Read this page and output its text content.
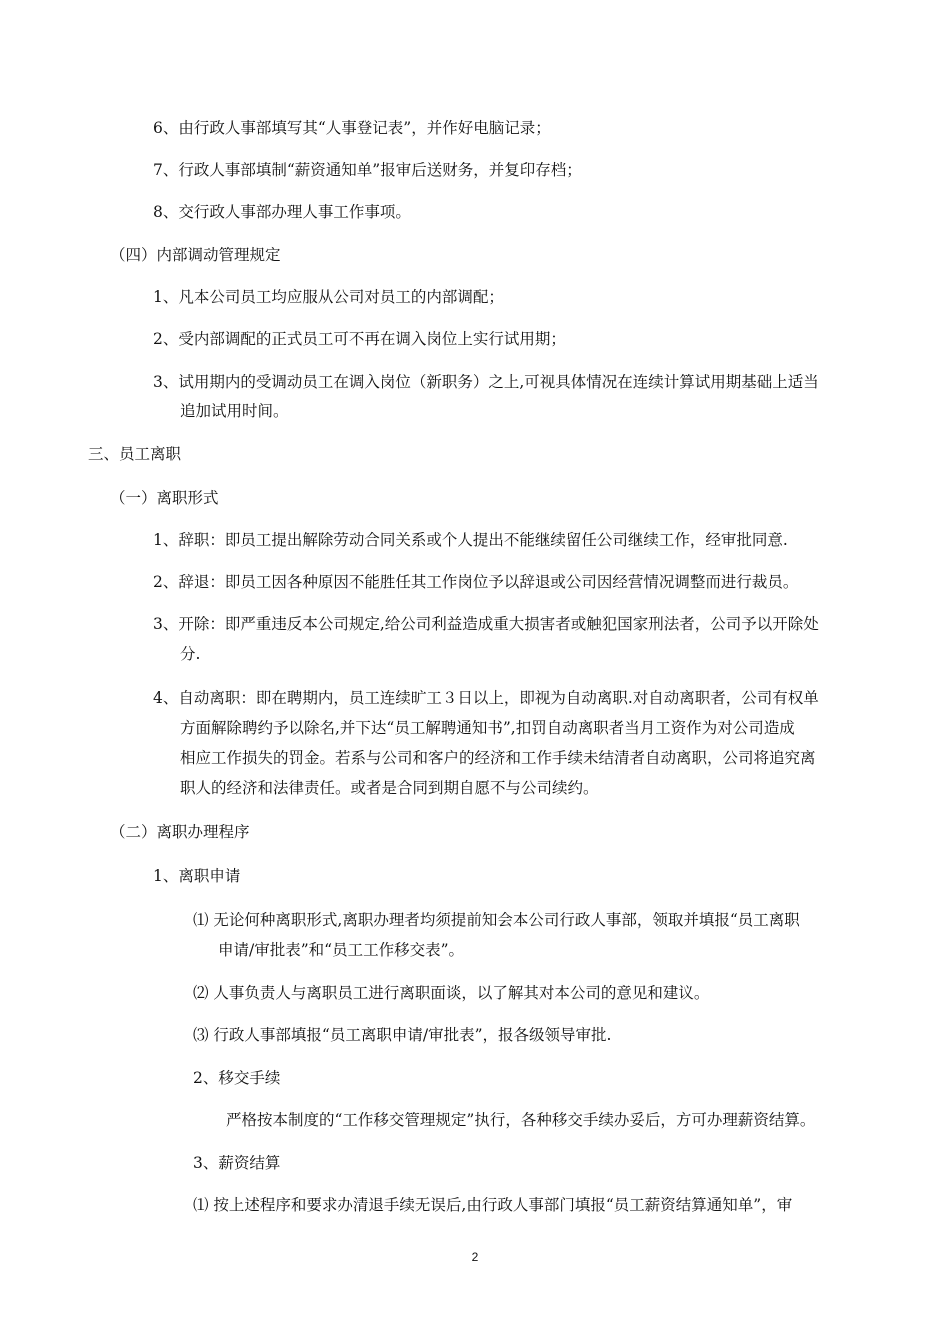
6、由行政人事部填写其“人事登记表”，并作好电脑记录；
7、行政人事部填制“薪资通知单”报审后送财务，并复印存档；
8、交行政人事部办理人事工作事项。
（四）内部调动管理规定
1、凡本公司员工均应服从公司对员工的内部调配；
2、受内部调配的正式员工可不再在调入岗位上实行试用期；
3、试用期内的受调动员工在调入岗位（新职务）之上,可视具体情况在连续计算试用期基础上适当
追加试用时间。
三、员工离职
（一）离职形式
1、辞职：即员工提出解除劳动合同关系或个人提出不能继续留任公司继续工作，经审批同意.
2、辞退：即员工因各种原因不能胜任其工作岗位予以辞退或公司因经营情况调整而进行裁员。
3、开除：即严重违反本公司规定,给公司利益造成重大损害者或触犯国家刑法者，公司予以开除处
分.
4、自动离职：即在聘期内，员工连续旷工３日以上，即视为自动离职.对自动离职者，公司有权单
方面解除聘约予以除名,并下达“员工解聘通知书”,扣罚自动离职者当月工资作为对公司造成
相应工作损失的罚金。若系与公司和客户的经济和工作手续未结清者自动离职，公司将追究离
职人的经济和法律责任。或者是合同到期自愿不与公司续约。
（二）离职办理程序
1、离职申请
⑴ 无论何种离职形式,离职办理者均须提前知会本公司行政人事部，领取并填报“员工离职
申请/审批表”和“员工工作移交表”。
⑵ 人事负责人与离职员工进行离职面谈，以了解其对本公司的意见和建议。
⑶ 行政人事部填报“员工离职申请/审批表”，报各级领导审批.
2、移交手续
严格按本制度的“工作移交管理规定”执行，各种移交手续办妥后，方可办理薪资结算。
3、薪资结算
⑴ 按上述程序和要求办清退手续无误后,由行政人事部门填报“员工薪资结算通知单”，审
2
